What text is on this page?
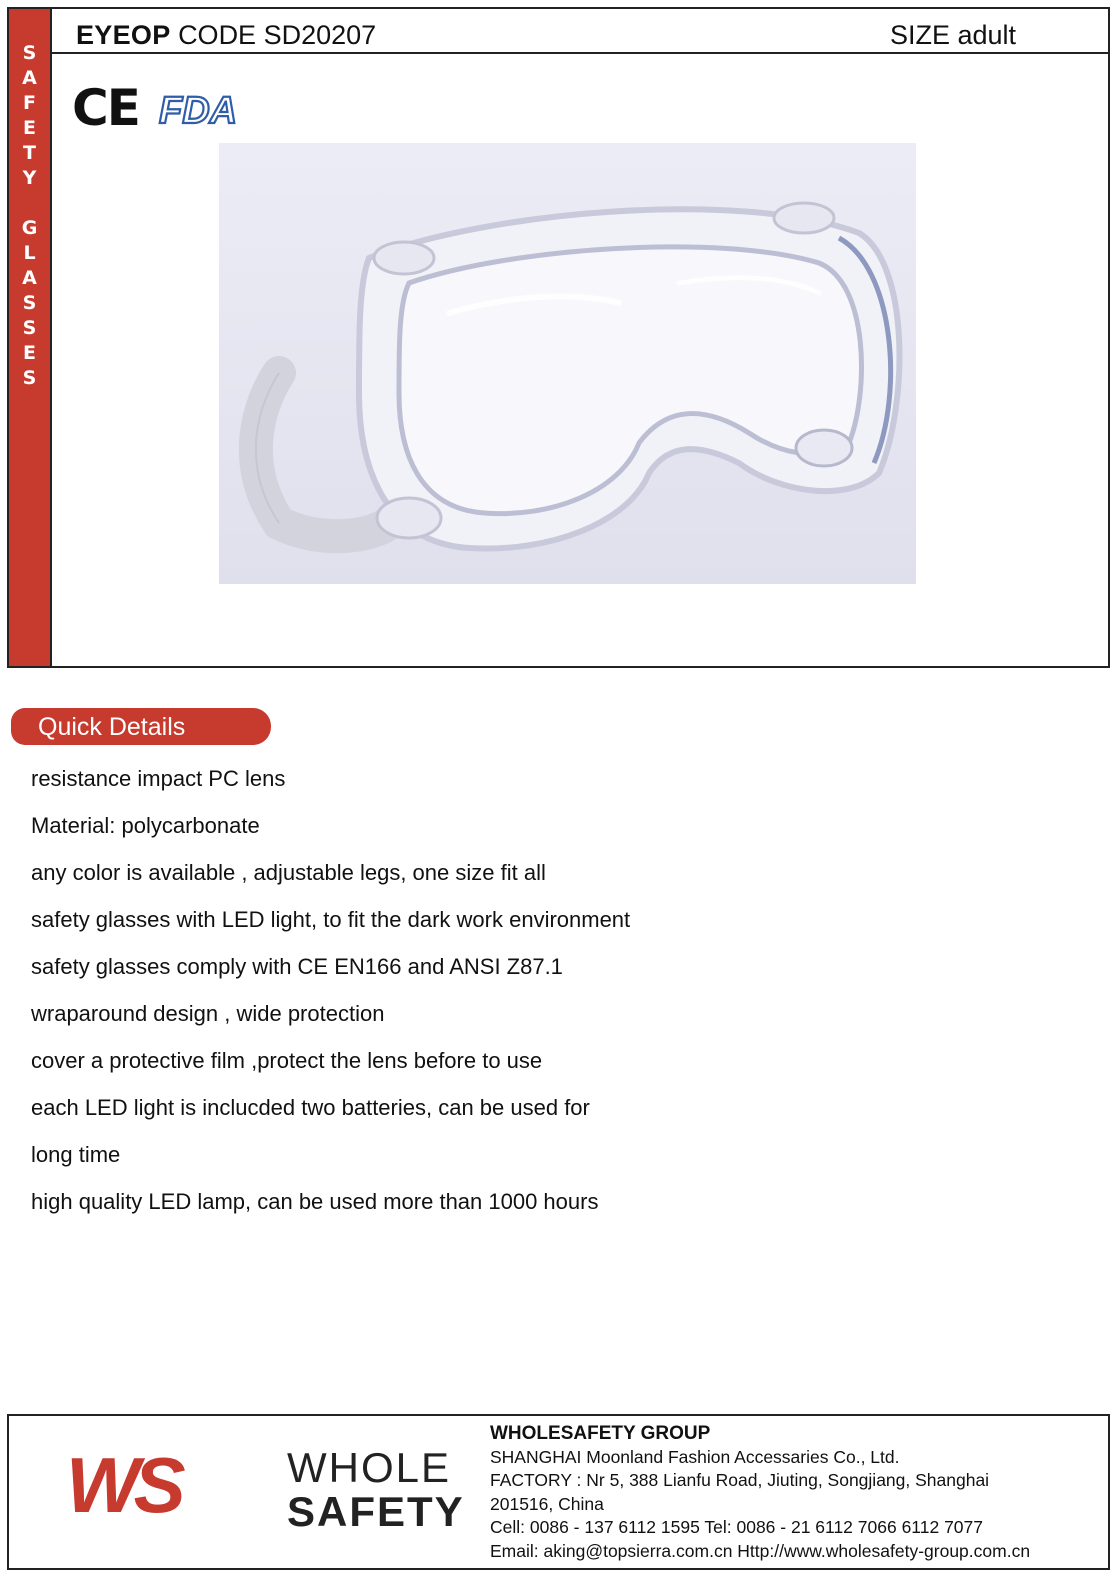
S
A
F
E
T
Y
G
L
A
S
S
E
S
EYEOP CODE SD20207	SIZE adult
CE FDA
Quick Details
resistance impact PC lens
Material: polycarbonate
any color is available , adjustable legs, one size fit all
safety glasses with LED light, to fit the dark work environment
safety glasses comply with CE EN166 and ANSI Z87.1
wraparound design , wide protection
cover a protective film ,protect the lens before to use
each LED light is inclucded two batteries, can be used for
long time
high quality LED lamp, can be used more than 1000 hours
WS	WHOLE
SAFETY
WHOLESAFETY GROUP
SHANGHAI Moonland Fashion Accessaries Co., Ltd.
FACTORY : Nr 5, 388 Lianfu Road, Jiuting, Songjiang, Shanghai
201516, China
Cell: 0086 - 137 6112 1595 Tel: 0086 - 21 6112 7066 6112 7077
Email: aking@topsierra.com.cn Http://www.wholesafety-group.com.cn
